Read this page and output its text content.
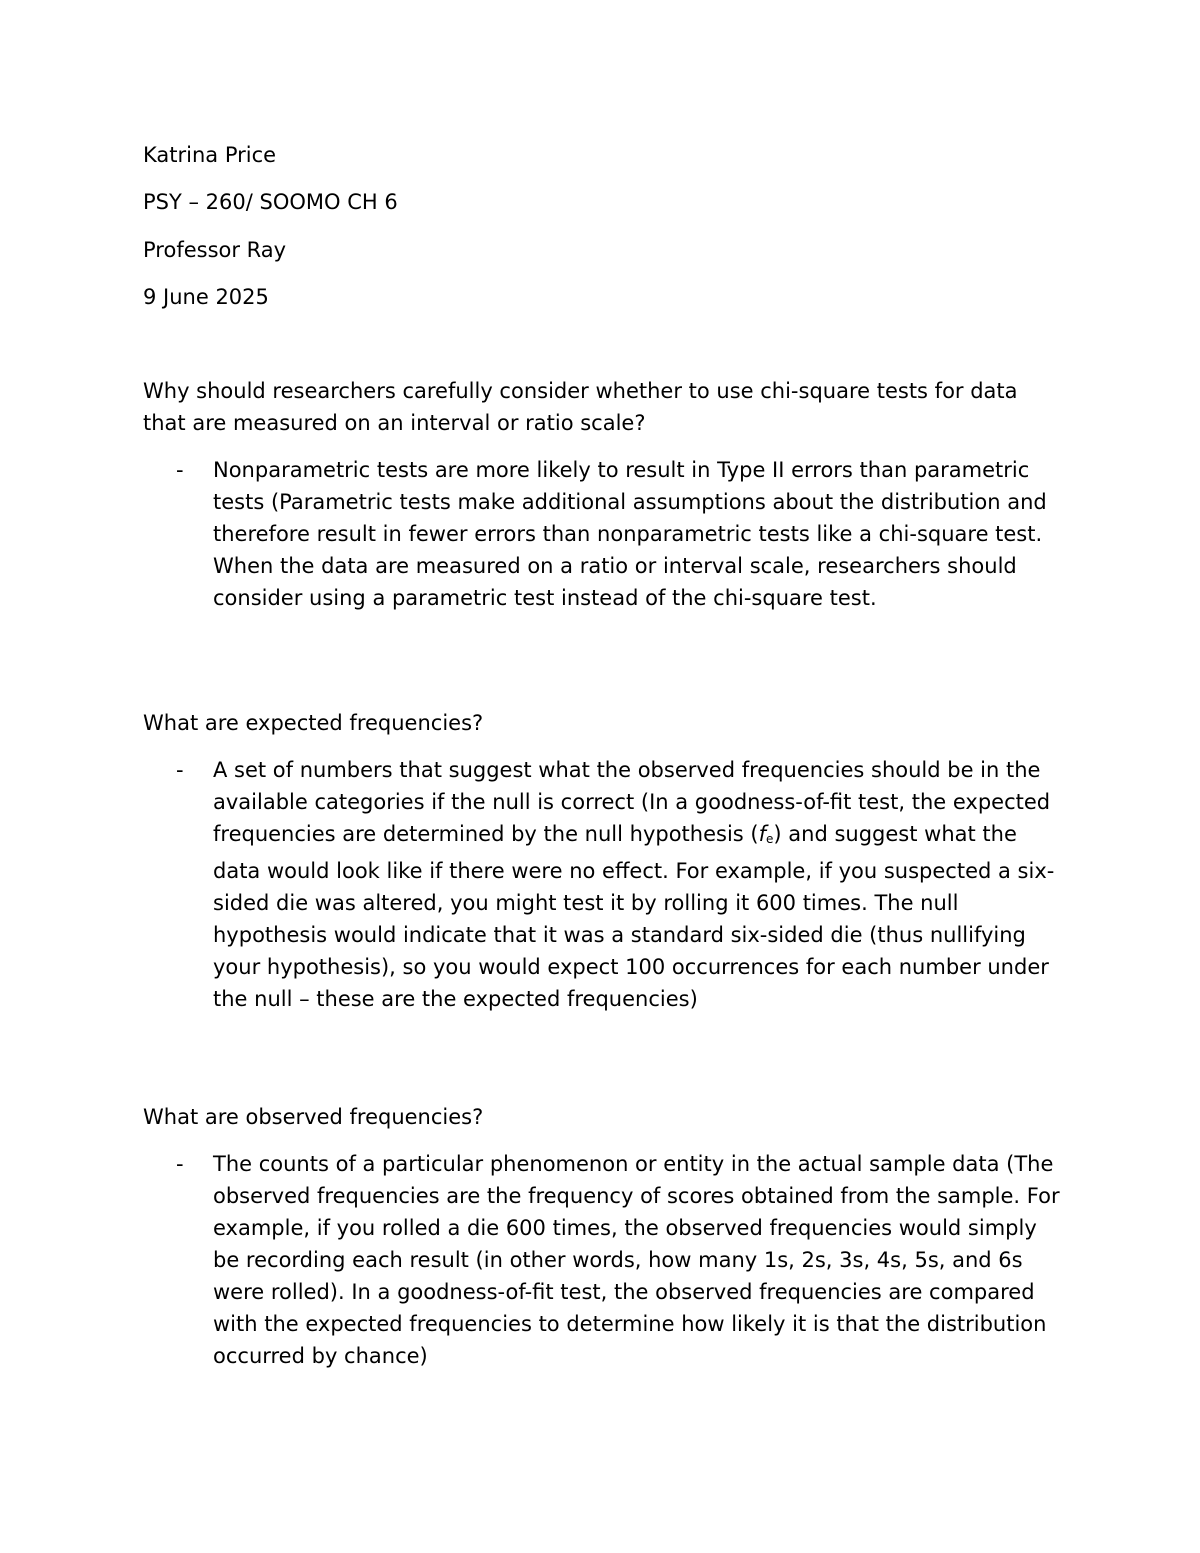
Katrina Price

PSY – 260/ SOOMO CH 6

Professor Ray

9 June 2025

Why should researchers carefully consider whether to use chi-square tests for data that are measured on an interval or ratio scale?

- Nonparametric tests are more likely to result in Type II errors than parametric tests (Parametric tests make additional assumptions about the distribution and therefore result in fewer errors than nonparametric tests like a chi-square test. When the data are measured on a ratio or interval scale, researchers should consider using a parametric test instead of the chi-square test.

What are expected frequencies?

- A set of numbers that suggest what the observed frequencies should be in the available categories if the null is correct (In a goodness-of-fit test, the expected frequencies are determined by the null hypothesis (fe) and suggest what the data would look like if there were no effect. For example, if you suspected a six-sided die was altered, you might test it by rolling it 600 times. The null hypothesis would indicate that it was a standard six-sided die (thus nullifying your hypothesis), so you would expect 100 occurrences for each number under the null – these are the expected frequencies)

What are observed frequencies?

- The counts of a particular phenomenon or entity in the actual sample data (The observed frequencies are the frequency of scores obtained from the sample. For example, if you rolled a die 600 times, the observed frequencies would simply be recording each result (in other words, how many 1s, 2s, 3s, 4s, 5s, and 6s were rolled). In a goodness-of-fit test, the observed frequencies are compared with the expected frequencies to determine how likely it is that the distribution occurred by chance)
